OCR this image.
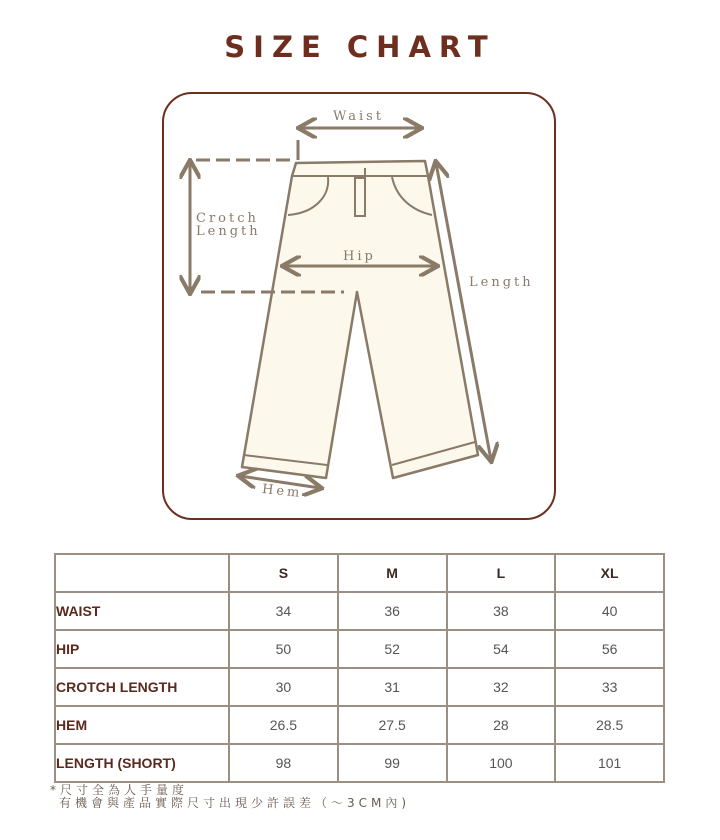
SIZE CHART
Waist
Crotch
Length
Hip
Length
Hem
	S	M	L	XL
WAIST	34	36	38	40
HIP	50	52	54	56
CROTCH LENGTH	30	31	32	33
HEM	26.5	27.5	28	28.5
LENGTH (SHORT)	98	99	100	101
*尺寸全為人手量度
有機會與產品實際尺寸出現少許誤差（～3CM內)
